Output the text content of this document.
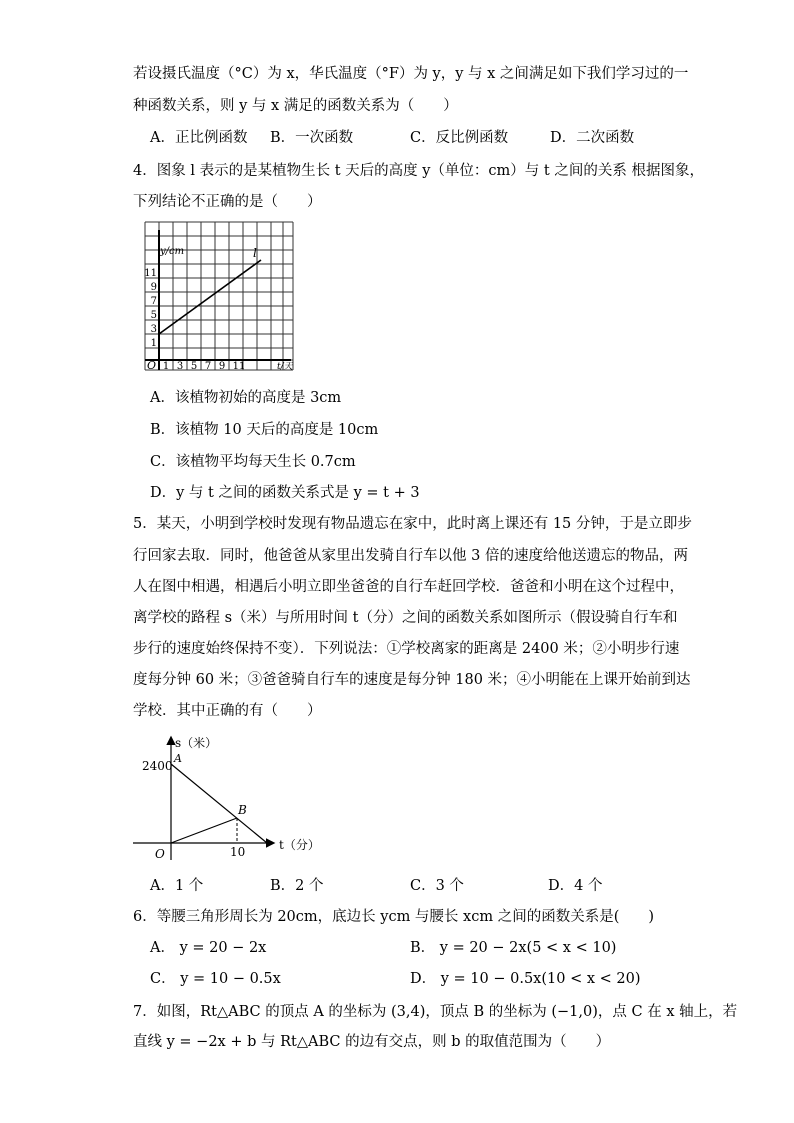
若设摄氏温度（°C）为 x，华氏温度（°F）为 y，y 与 x 之间满足如下我们学习过的一
种函数关系，则 y 与 x 满足的函数关系为（　　）
A．正比例函数 B．一次函数	C．反比例函数	D．二次函数
4．图象 l 表示的是某植物生长 t 天后的高度 y（单位：cm）与 t 之间的关系 根据图象，
下列结论不正确的是（　　）
y/cm	l
O	t/天
11
9
7
5
3
1
1 3 5 7 9 11
A．该植物初始的高度是 3cm
B．该植物 10 天后的高度是 10cm
C．该植物平均每天生长 0.7cm
D．y 与 t 之间的函数关系式是 y = t + 3
5．某天，小明到学校时发现有物品遗忘在家中，此时离上课还有 15 分钟，于是立即步
行回家去取．同时，他爸爸从家里出发骑自行车以他 3 倍的速度给他送遗忘的物品，两
人在图中相遇，相遇后小明立即坐爸爸的自行车赶回学校．爸爸和小明在这个过程中，
离学校的路程 s（米）与所用时间 t（分）之间的函数关系如图所示（假设骑自行车和
步行的速度始终保持不变）．下列说法：①学校离家的距离是 2400 米；②小明步行速
度每分钟 60 米；③爸爸骑自行车的速度是每分钟 180 米；④小明能在上课开始前到达
学校．其中正确的有（　　）
s（米）
A
2400
B
O	10	t（分）
A．1 个	B．2 个	C．3 个	D．4 个
6．等腰三角形周长为 20cm，底边长 ycm 与腰长 xcm 之间的函数关系是(　　)
A． y = 20 − 2x	B． y = 20 − 2x(5 < x < 10)
C． y = 10 − 0.5x	D． y = 10 − 0.5x(10 < x < 20)
7．如图，Rt△ABC 的顶点 A 的坐标为 (3,4)，顶点 B 的坐标为 (−1,0)，点 C 在 x 轴上，若
直线 y = −2x + b 与 Rt△ABC 的边有交点，则 b 的取值范围为（　　）
